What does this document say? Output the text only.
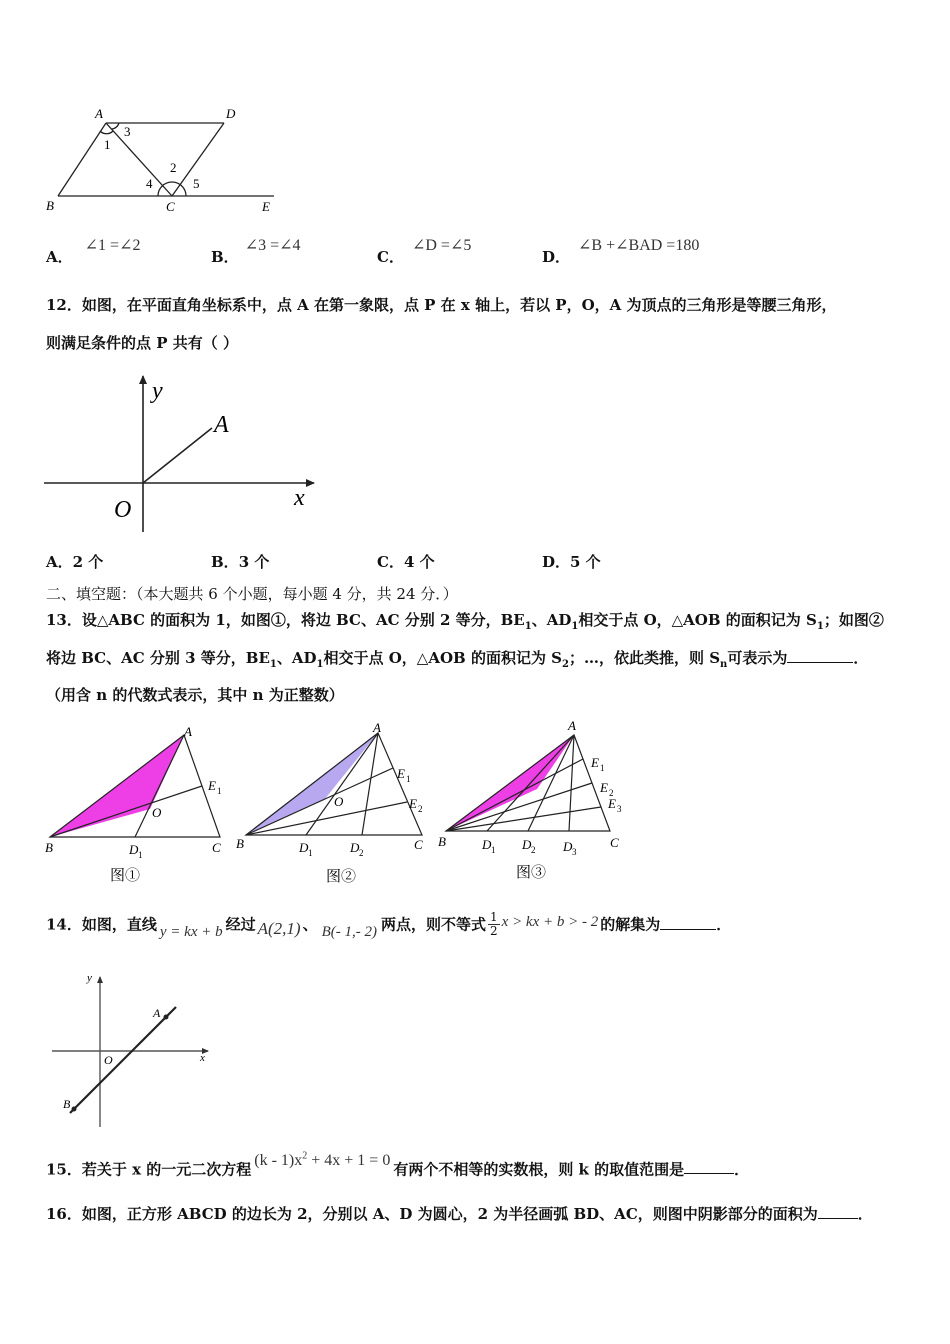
A	D
B	C	E
1
2
3
4	5
A．∠1 =∠2
B．∠3 =∠4
C．∠D =∠5
D．∠B +∠BAD =180
12．如图，在平面直角坐标系中，点 A 在第一象限，点 P 在 x 轴上，若以 P，O，A 为顶点的三角形是等腰三角形，
则满足条件的点 P 共有（ ）
y
x
O
A
A．2 个	B．3 个	C．4 个	D．5 个
二、填空题：（本大题共 6 个小题，每小题 4 分，共 24 分．）
13．设△ABC 的面积为 1，如图①，将边 BC、AC 分别 2 等分，$BE_1$、$AD_1$相交于点 O，△AOB 的面积记为 $S_1$；如图②
将边 BC、AC 分别 3 等分，$BE_1$、$AD_1$相交于点 O，△AOB 的面积记为 $S_2$；…，依此类推，则 $S_n$可表示为	．
（用含 n 的代数式表示，其中 n 为正整数）
A
B	C
O
E 1
D 1
图①
A
B	C
O
E 1
E 2
D 1	D 2
图②
A
B	C
E 1
E 2
E 3
D 1 D 2 D 3
图③
14．如图，直线 y = kx + b 经过 A(2,1) 、 B(- 1,- 2) 两点，则不等式 $\frac{1}{2}$ x > kx + b > - 2 的解集为	．
y
x
O
A
B
15．若关于 x 的一元二次方程 $(k - 1)x^2 + 4x + 1 = 0$ 有两个不相等的实数根，则 k 的取值范围是	．
16．如图，正方形 ABCD 的边长为 2，分别以 A、D 为圆心，2 为半径画弧 BD、AC，则图中阴影部分的面积为	．
